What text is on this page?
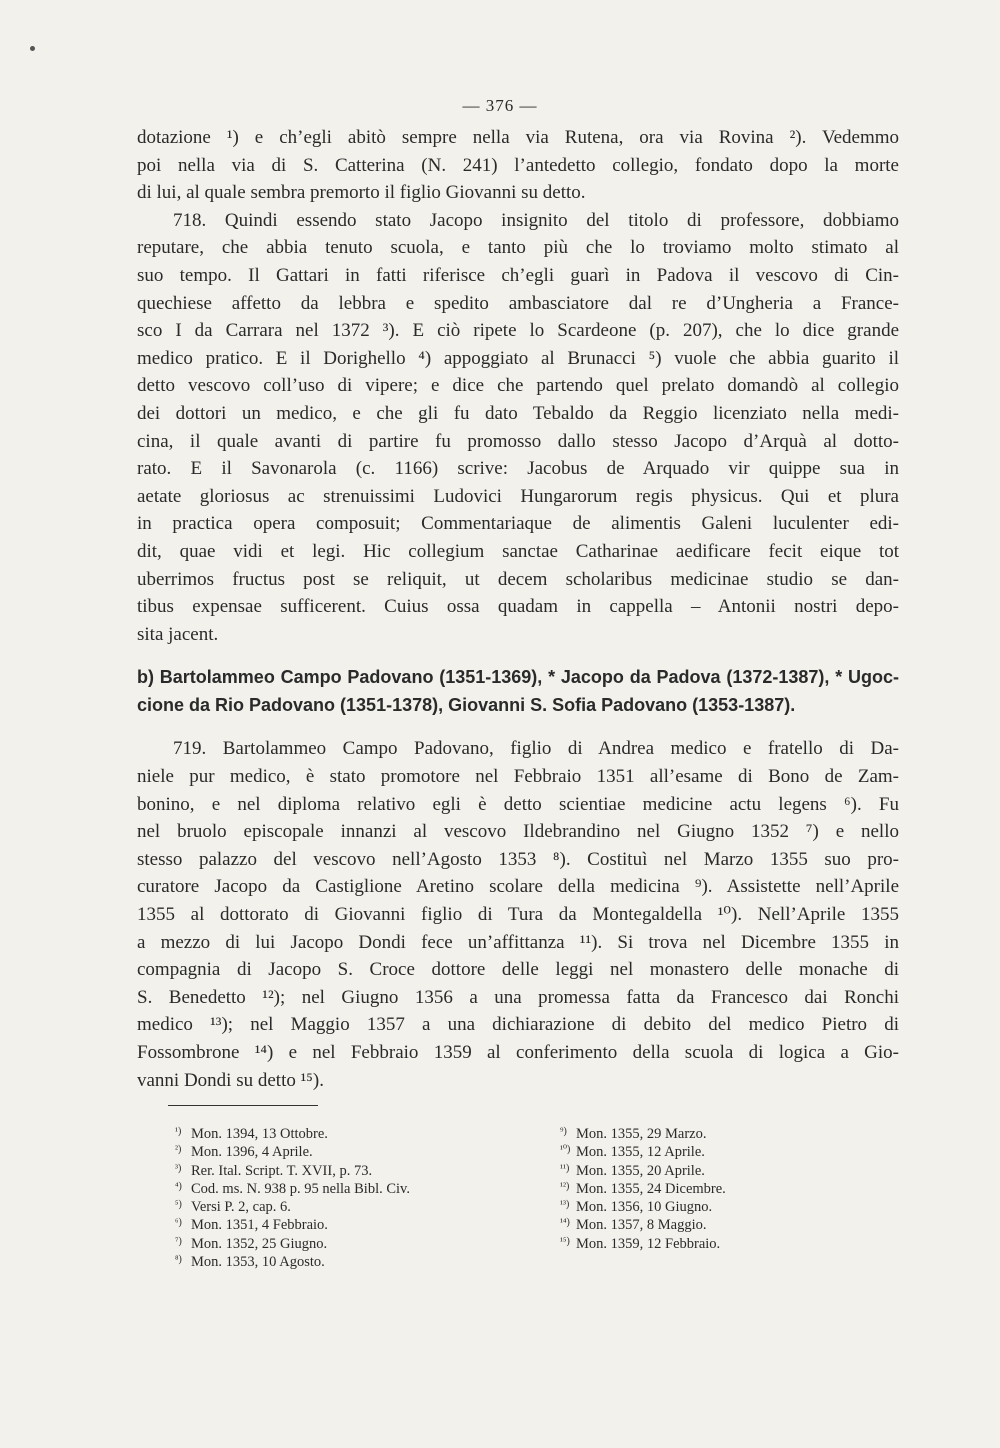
— 376 —
dotazione ¹) e ch’egli abitò sempre nella via Rutena, ora via Rovina ²). Vedemmo
poi nella via di S. Catterina (N. 241) l’antedetto collegio, fondato dopo la morte
di lui, al quale sembra premorto il figlio Giovanni su detto.
718. Quindi essendo stato Jacopo insignito del titolo di professore, dobbiamo
reputare, che abbia tenuto scuola, e tanto più che lo troviamo molto stimato al
suo tempo. Il Gattari in fatti riferisce ch’egli guarì in Padova il vescovo di Cin-
quechiese affetto da lebbra e spedito ambasciatore dal re d’Ungheria a France-
sco I da Carrara nel 1372 ³). E ciò ripete lo Scardeone (p. 207), che lo dice grande
medico pratico. E il Dorighello ⁴) appoggiato al Brunacci ⁵) vuole che abbia guarito il
detto vescovo coll’uso di vipere; e dice che partendo quel prelato domandò al collegio
dei dottori un medico, e che gli fu dato Tebaldo da Reggio licenziato nella medi-
cina, il quale avanti di partire fu promosso dallo stesso Jacopo d’Arquà al dotto-
rato. E il Savonarola (c. 1166) scrive: Jacobus de Arquado vir quippe sua in
aetate gloriosus ac strenuissimi Ludovici Hungarorum regis physicus. Qui et plura
in practica opera composuit; Commentariaque de alimentis Galeni luculenter edi-
dit, quae vidi et legi. Hic collegium sanctae Catharinae aedificare fecit eique tot
uberrimos fructus post se reliquit, ut decem scholaribus medicinae studio se dan-
tibus expensae sufficerent. Cuius ossa quadam in cappella – Antonii nostri depo-
sita jacent.
b) Bartolammeo Campo Padovano (1351-1369), * Jacopo da Padova (1372-1387), * Ugoc-
cione da Rio Padovano (1351-1378), Giovanni S. Sofia Padovano (1353-1387).
719. Bartolammeo Campo Padovano, figlio di Andrea medico e fratello di Da-
niele pur medico, è stato promotore nel Febbraio 1351 all’esame di Bono de Zam-
bonino, e nel diploma relativo egli è detto scientiae medicine actu legens ⁶). Fu
nel bruolo episcopale innanzi al vescovo Ildebrandino nel Giugno 1352 ⁷) e nello
stesso palazzo del vescovo nell’Agosto 1353 ⁸). Costituì nel Marzo 1355 suo pro-
curatore Jacopo da Castiglione Aretino scolare della medicina ⁹). Assistette nell’Aprile
1355 al dottorato di Giovanni figlio di Tura da Montegaldella ¹⁰). Nell’Aprile 1355
a mezzo di lui Jacopo Dondi fece un’affittanza ¹¹). Si trova nel Dicembre 1355 in
compagnia di Jacopo S. Croce dottore delle leggi nel monastero delle monache di
S. Benedetto ¹²); nel Giugno 1356 a una promessa fatta da Francesco dai Ronchi
medico ¹³); nel Maggio 1357 a una dichiarazione di debito del medico Pietro di
Fossombrone ¹⁴) e nel Febbraio 1359 al conferimento della scuola di logica a Gio-
vanni Dondi su detto ¹⁵).
¹) Mon. 1394, 13 Ottobre.
²) Mon. 1396, 4 Aprile.
³) Rer. Ital. Script. T. XVII, p. 73.
⁴) Cod. ms. N. 938 p. 95 nella Bibl. Civ.
⁵) Versi P. 2, cap. 6.
⁶) Mon. 1351, 4 Febbraio.
⁷) Mon. 1352, 25 Giugno.
⁸) Mon. 1353, 10 Agosto.
⁹) Mon. 1355, 29 Marzo.
¹⁰) Mon. 1355, 12 Aprile.
¹¹) Mon. 1355, 20 Aprile.
¹²) Mon. 1355, 24 Dicembre.
¹³) Mon. 1356, 10 Giugno.
¹⁴) Mon. 1357, 8 Maggio.
¹⁵) Mon. 1359, 12 Febbraio.
